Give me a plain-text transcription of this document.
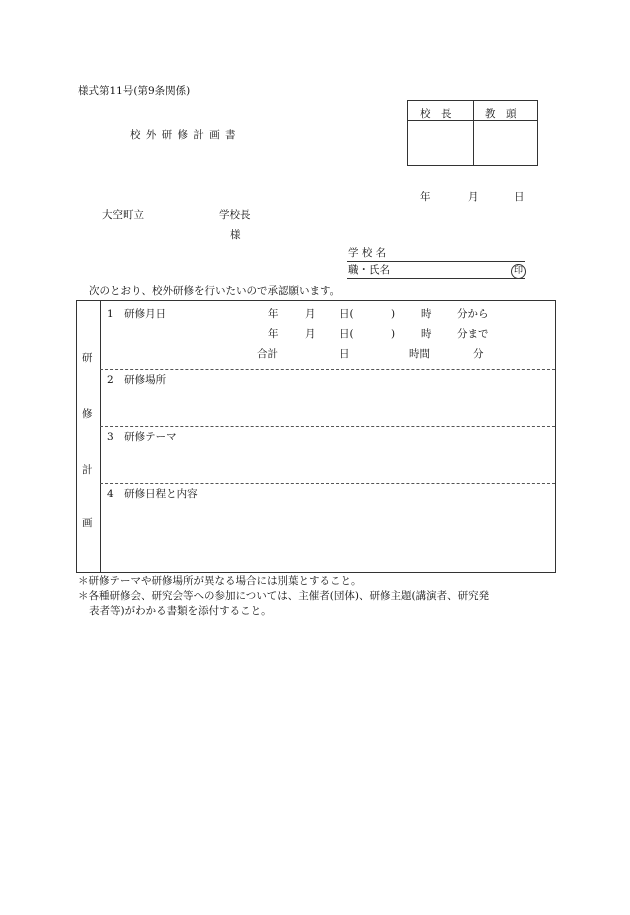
様式第11号(第9条関係)
校 外 研 修 計 画 書
校　長	教　頭
年	月	日
大空町立	学校長
様
学 校 名
職・氏名	印
次のとおり、校外研修を行いたいので承認願います。
研
修
計
画
1　研修月日	年	月 日(	) 時 分から
年	月 日(	) 時 分まで
合計	日	時間	分
2　研修場所
3　研修テーマ
4　研修日程と内容
＊研修テーマや研修場所が異なる場合には別葉とすること。
＊各種研修会、研究会等への参加については、主催者(団体)、研修主題(講演者、研究発
表者等)がわかる書類を添付すること。
